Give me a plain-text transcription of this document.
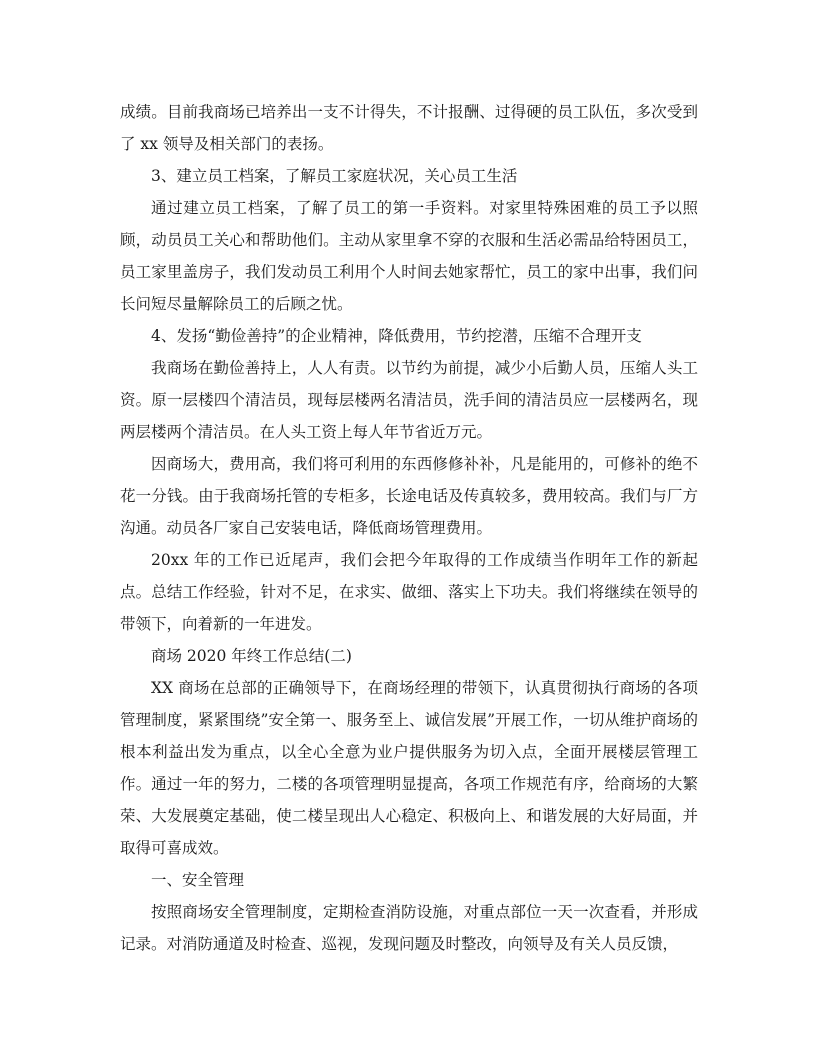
成绩。目前我商场已培养出一支不计得失，不计报酬、过得硬的员工队伍，多次受到了 xx 领导及相关部门的表扬。

3、建立员工档案，了解员工家庭状况，关心员工生活

通过建立员工档案，了解了员工的第一手资料。对家里特殊困难的员工予以照顾，动员员工关心和帮助他们。主动从家里拿不穿的衣服和生活必需品给特困员工，员工家里盖房子，我们发动员工利用个人时间去她家帮忙，员工的家中出事，我们问长问短尽量解除员工的后顾之忧。

4、发扬“勤俭善持”的企业精神，降低费用，节约挖潜，压缩不合理开支

我商场在勤俭善持上，人人有责。以节约为前提，减少小后勤人员，压缩人头工资。原一层楼四个清洁员，现每层楼两名清洁员，洗手间的清洁员应一层楼两名，现两层楼两个清洁员。在人头工资上每人年节省近万元。

因商场大，费用高，我们将可利用的东西修修补补，凡是能用的，可修补的绝不花一分钱。由于我商场托管的专柜多，长途电话及传真较多，费用较高。我们与厂方沟通。动员各厂家自己安装电话，降低商场管理费用。

20xx 年的工作已近尾声，我们会把今年取得的工作成绩当作明年工作的新起点。总结工作经验，针对不足，在求实、做细、落实上下功夫。我们将继续在领导的带领下，向着新的一年进发。

商场 2020 年终工作总结(二)

XX 商场在总部的正确领导下，在商场经理的带领下，认真贯彻执行商场的各项管理制度，紧紧围绕”安全第一、服务至上、诚信发展”开展工作，一切从维护商场的根本利益出发为重点，以全心全意为业户提供服务为切入点，全面开展楼层管理工作。通过一年的努力，二楼的各项管理明显提高，各项工作规范有序，给商场的大繁荣、大发展奠定基础，使二楼呈现出人心稳定、积极向上、和谐发展的大好局面，并取得可喜成效。

一、安全管理

按照商场安全管理制度，定期检查消防设施，对重点部位一天一次查看，并形成记录。对消防通道及时检查、巡视，发现问题及时整改，向领导及有关人员反馈，
